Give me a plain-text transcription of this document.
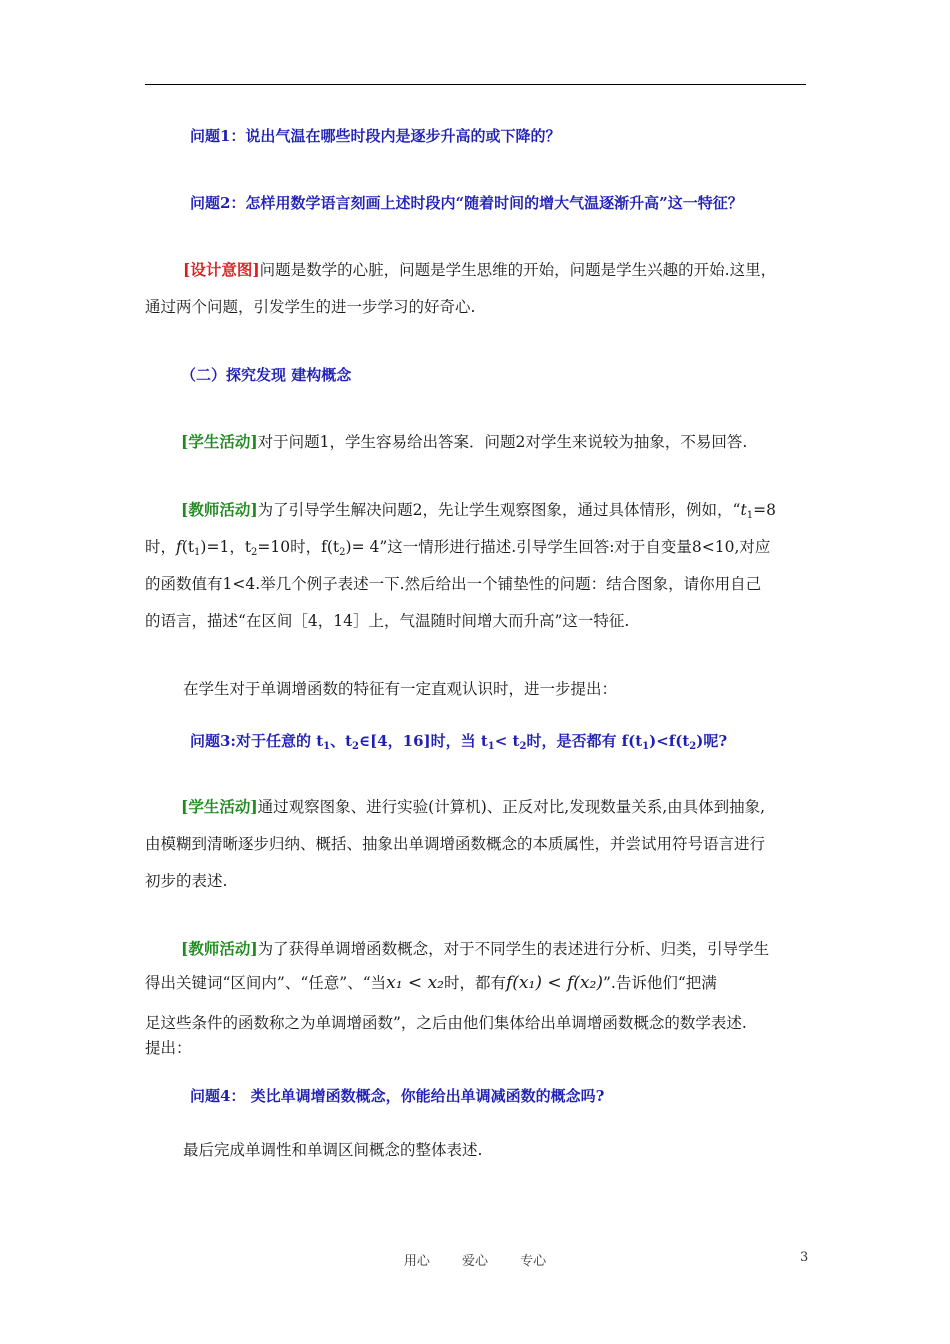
问题1：说出气温在哪些时段内是逐步升高的或下降的？
问题2：怎样用数学语言刻画上述时段内“随着时间的增大气温逐渐升高”这一特征？
[设计意图]问题是数学的心脏，问题是学生思维的开始，问题是学生兴趣的开始.这里，
通过两个问题，引发学生的进一步学习的好奇心.
（二）探究发现 建构概念
[学生活动]对于问题1，学生容易给出答案．问题2对学生来说较为抽象，不易回答.
[教师活动]为了引导学生解决问题2，先让学生观察图象，通过具体情形，例如，“$t_1=8$
时，$f(t_1)=1$，$t_2=10$时，$f(t_2)= 4$”这一情形进行描述.引导学生回答:对于自变量8<10,对应
的函数值有1<4.举几个例子表述一下.然后给出一个铺垫性的问题：结合图象，请你用自己
的语言，描述“在区间［4，14］上，气温随时间增大而升高”这一特征.
在学生对于单调增函数的特征有一定直观认识时，进一步提出：
问题3:对于任意的 $t_1$、$t_2\in[4$，16]时，当 $t_1< t_2$时，是否都有 $f(t_1)<f(t_2)$呢?
[学生活动]通过观察图象、进行实验(计算机)、正反对比,发现数量关系,由具体到抽象,
由模糊到清晰逐步归纳、概括、抽象出单调增函数概念的本质属性，并尝试用符号语言进行
初步的表述.
[教师活动]为了获得单调增函数概念，对于不同学生的表述进行分析、归类，引导学生
得出关键词“区间内”、“任意”、“当x₁ < x₂时，都有f(x₁) < f(x₂)”.告诉他们“把满
足这些条件的函数称之为单调增函数”，之后由他们集体给出单调增函数概念的数学表述.
提出：
问题4： 类比单调增函数概念，你能给出单调减函数的概念吗?
最后完成单调性和单调区间概念的整体表述.
用心 爱心 专心	3
